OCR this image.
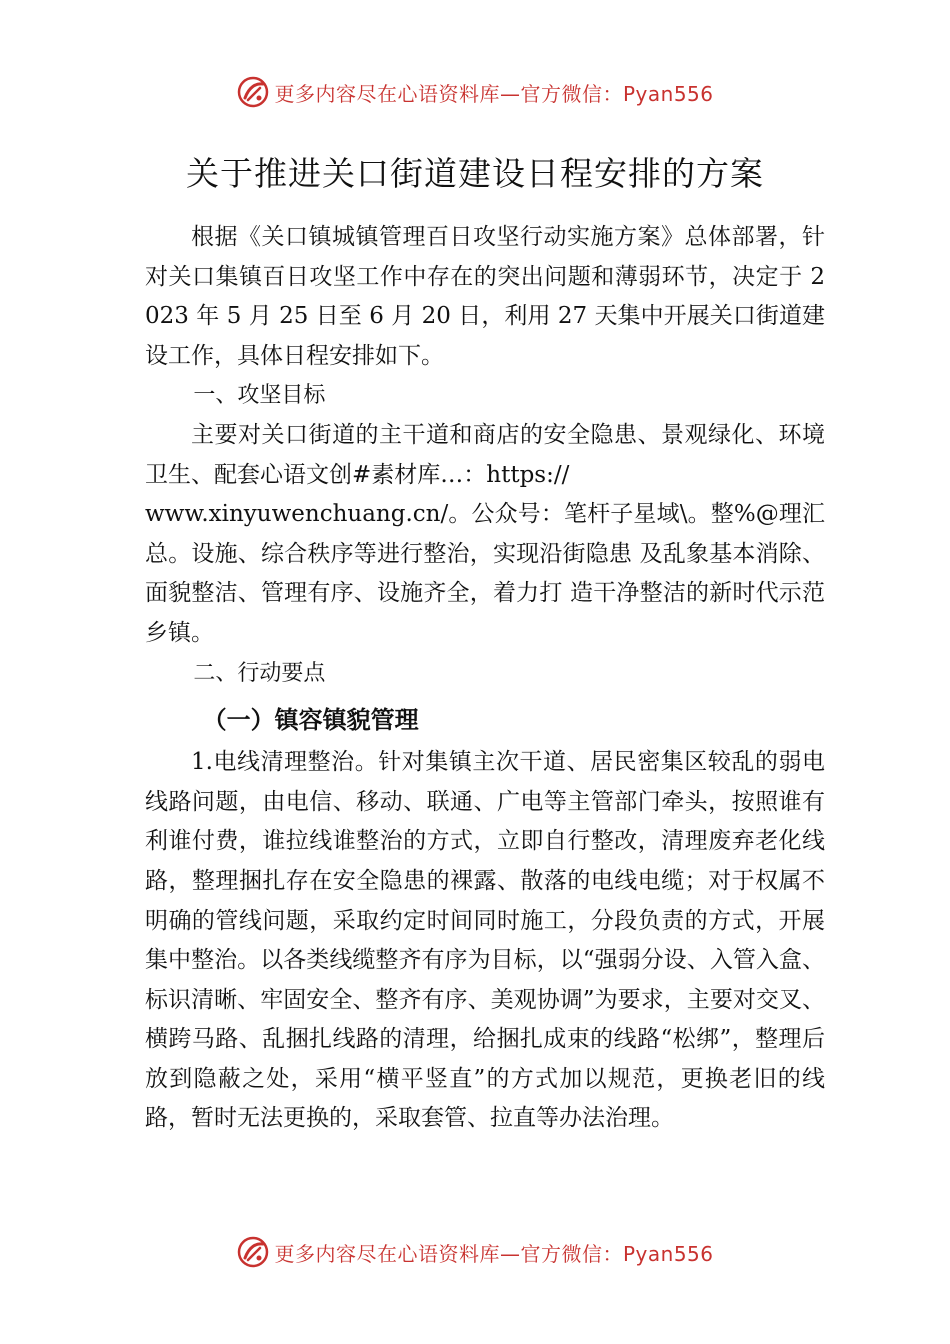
更多内容尽在心语资料库—官方微信：Pyan556
关于推进关口街道建设日程安排的方案

根据《关口镇城镇管理百日攻坚行动实施方案》总体部署，针对关口集镇百日攻坚工作中存在的突出问题和薄弱环节，决定于 2023 年 5 月 25 日至 6 月 20 日，利用 27 天集中开展关口街道建设工作，具体日程安排如下。

一、攻坚目标

主要对关口街道的主干道和商店的安全隐患、景观绿化、环境卫生、配套心语文创#素材库…：https://

www.xinyuwenchuang.cn/。公众号：笔杆子星域\。整%@理汇总。设施、综合秩序等进行整治，实现沿街隐患 及乱象基本消除、面貌整洁、管理有序、设施齐全，着力打 造干净整洁的新时代示范乡镇。

二、行动要点

（一）镇容镇貌管理

1.电线清理整治。针对集镇主次干道、居民密集区较乱的弱电线路问题，由电信、移动、联通、广电等主管部门牵头，按照谁有利谁付费，谁拉线谁整治的方式，立即自行整改，清理废弃老化线路，整理捆扎存在安全隐患的裸露、散落的电线电缆；对于权属不明确的管线问题，采取约定时间同时施工，分段负责的方式，开展集中整治。以各类线缆整齐有序为目标，以“强弱分设、入管入盒、标识清晰、牢固安全、整齐有序、美观协调”为要求，主要对交叉、横跨马路、乱捆扎线路的清理，给捆扎成束的线路“松绑”，整理后放到隐蔽之处，采用“横平竖直”的方式加以规范，更换老旧的线路，暂时无法更换的，采取套管、拉直等办法治理。

更多内容尽在心语资料库—官方微信：Pyan556
